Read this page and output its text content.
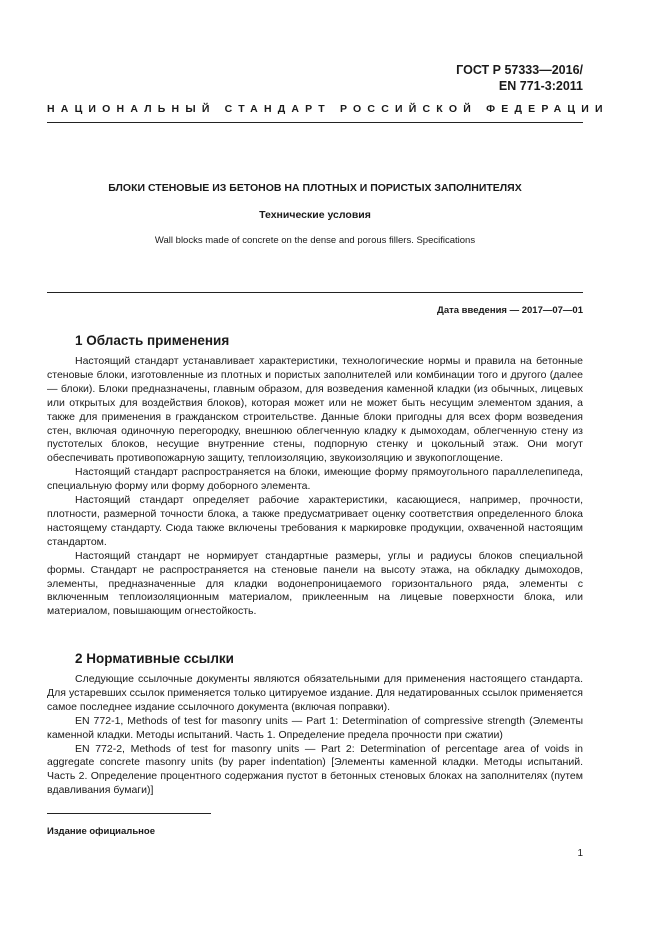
ГОСТ Р 57333—2016/
EN 771-3:2011
НАЦИОНАЛЬНЫЙ СТАНДАРТ РОССИЙСКОЙ ФЕДЕРАЦИИ
БЛОКИ СТЕНОВЫЕ ИЗ БЕТОНОВ НА ПЛОТНЫХ И ПОРИСТЫХ ЗАПОЛНИТЕЛЯХ
Технические условия
Wall blocks made of concrete on the dense and porous fillers. Specifications
Дата введения — 2017—07—01
1 Область применения

Настоящий стандарт устанавливает характеристики, технологические нормы и правила на бетонные стеновые блоки, изготовленные из плотных и пористых заполнителей или комбинации того и другого (далее — блоки). Блоки предназначены, главным образом, для возведения каменной кладки (из обычных, лицевых или открытых для воздействия блоков), которая может или не может быть несущим элементом здания, а также для применения в гражданском строительстве. Данные блоки пригодны для всех форм возведения стен, включая одиночную перегородку, внешнюю облегченную кладку к дымоходам, облегченную стену из пустотелых блоков, несущие внутренние стены, подпорную стенку и цокольный этаж. Они могут обеспечивать противопожарную защиту, теплоизоляцию, звукоизоляцию и звукопоглощение.

Настоящий стандарт распространяется на блоки, имеющие форму прямоугольного параллелепипеда, специальную форму или форму доборного элемента.

Настоящий стандарт определяет рабочие характеристики, касающиеся, например, прочности, плотности, размерной точности блока, а также предусматривает оценку соответствия определенного блока настоящему стандарту. Сюда также включены требования к маркировке продукции, охваченной настоящим стандартом.

Настоящий стандарт не нормирует стандартные размеры, углы и радиусы блоков специальной формы. Стандарт не распространяется на стеновые панели на высоту этажа, на обкладку дымоходов, элементы, предназначенные для кладки водонепроницаемого горизонтального ряда, элементы с включенным теплоизоляционным материалом, приклеенным на лицевые поверхности блока, или материалом, повышающим огнестойкость.

2 Нормативные ссылки

Следующие ссылочные документы являются обязательными для применения настоящего стандарта. Для устаревших ссылок применяется только цитируемое издание. Для недатированных ссылок применяется самое последнее издание ссылочного документа (включая поправки).

EN 772-1, Methods of test for masonry units — Part 1: Determination of compressive strength (Элементы каменной кладки. Методы испытаний. Часть 1. Определение предела прочности при сжатии)

EN 772-2, Methods of test for masonry units — Part 2: Determination of percentage area of voids in aggregate concrete masonry units (by paper indentation) [Элементы каменной кладки. Методы испытаний. Часть 2. Определение процентного содержания пустот в бетонных стеновых блоках на заполнителях (путем вдавливания бумаги)]

Издание официальное
1
